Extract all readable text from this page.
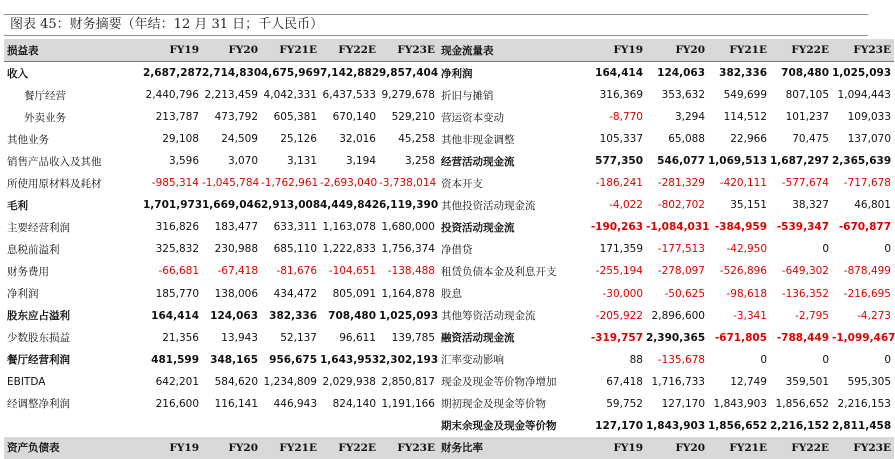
图表 45：财务摘要（年结：12 月 31 日；千人民币）
损益表	FY19	FY20	FY21E	FY22E	FY23E
收入	2,687,287	2,714,830	4,675,969	7,142,882	9,857,404
餐厅经营	2,440,796	2,213,459	4,042,331	6,437,533	9,279,678
外卖业务	213,787	473,792	605,381	670,140	529,210
其他业务	29,108	24,509	25,126	32,016	45,258
销售产品收入及其他	3,596	3,070	3,131	3,194	3,258
所使用原材料及耗材	-985,314	-1,045,784	-1,762,961	-2,693,040	-3,738,014
毛利	1,701,973	1,669,046	2,913,008	4,449,842	6,119,390
主要经营利润	316,826	183,477	633,311	1,163,078	1,680,000
息税前溢利	325,832	230,988	685,110	1,222,833	1,756,374
财务费用	-66,681	-67,418	-81,676	-104,651	-138,488
净利润	185,770	138,006	434,472	805,091	1,164,878
股东应占溢利	164,414	124,063	382,336	708,480	1,025,093
少数股东损益	21,356	13,943	52,137	96,611	139,785
餐厅经营利润	481,599	348,165	956,675	1,643,953	2,302,193
EBITDA	642,201	584,620	1,234,809	2,029,938	2,850,817
经调整净利润	216,600	116,141	446,943	824,140	1,191,166

资产负债表	FY19	FY20	FY21E	FY22E	FY23E
现金流量表	FY19	FY20	FY21E	FY22E	FY23E
净利润	164,414	124,063	382,336	708,480	1,025,093
折旧与摊销	316,369	353,632	549,699	807,105	1,094,443
营运资本变动	-8,770	3,294	114,512	101,237	109,033
其他非现金调整	105,337	65,088	22,966	70,475	137,070
经营活动现金流	577,350	546,077	1,069,513	1,687,297	2,365,639
资本开支	-186,241	-281,329	-420,111	-577,674	-717,678
其他投资活动现金流	-4,022	-802,702	35,151	38,327	46,801
投资活动现金流	-190,263	-1,084,031	-384,959	-539,347	-670,877
净借贷	171,359	-177,513	-42,950	0	0
租赁负债本金及利息开支	-255,194	-278,097	-526,896	-649,302	-878,499
股息	-30,000	-50,625	-98,618	-136,352	-216,695
其他筹资活动现金流	-205,922	2,896,600	-3,341	-2,795	-4,273
融资活动现金流	-319,757	2,390,365	-671,805	-788,449	-1,099,467
汇率变动影响	88	-135,678	0	0	0
现金及现金等价物净增加	67,418	1,716,733	12,749	359,501	595,305
期初现金及现金等价物	59,752	127,170	1,843,903	1,856,652	2,216,153
期末余现金及现金等价物	127,170	1,843,903	1,856,652	2,216,152	2,811,458
财务比率	FY19	FY20	FY21E	FY22E	FY23E
